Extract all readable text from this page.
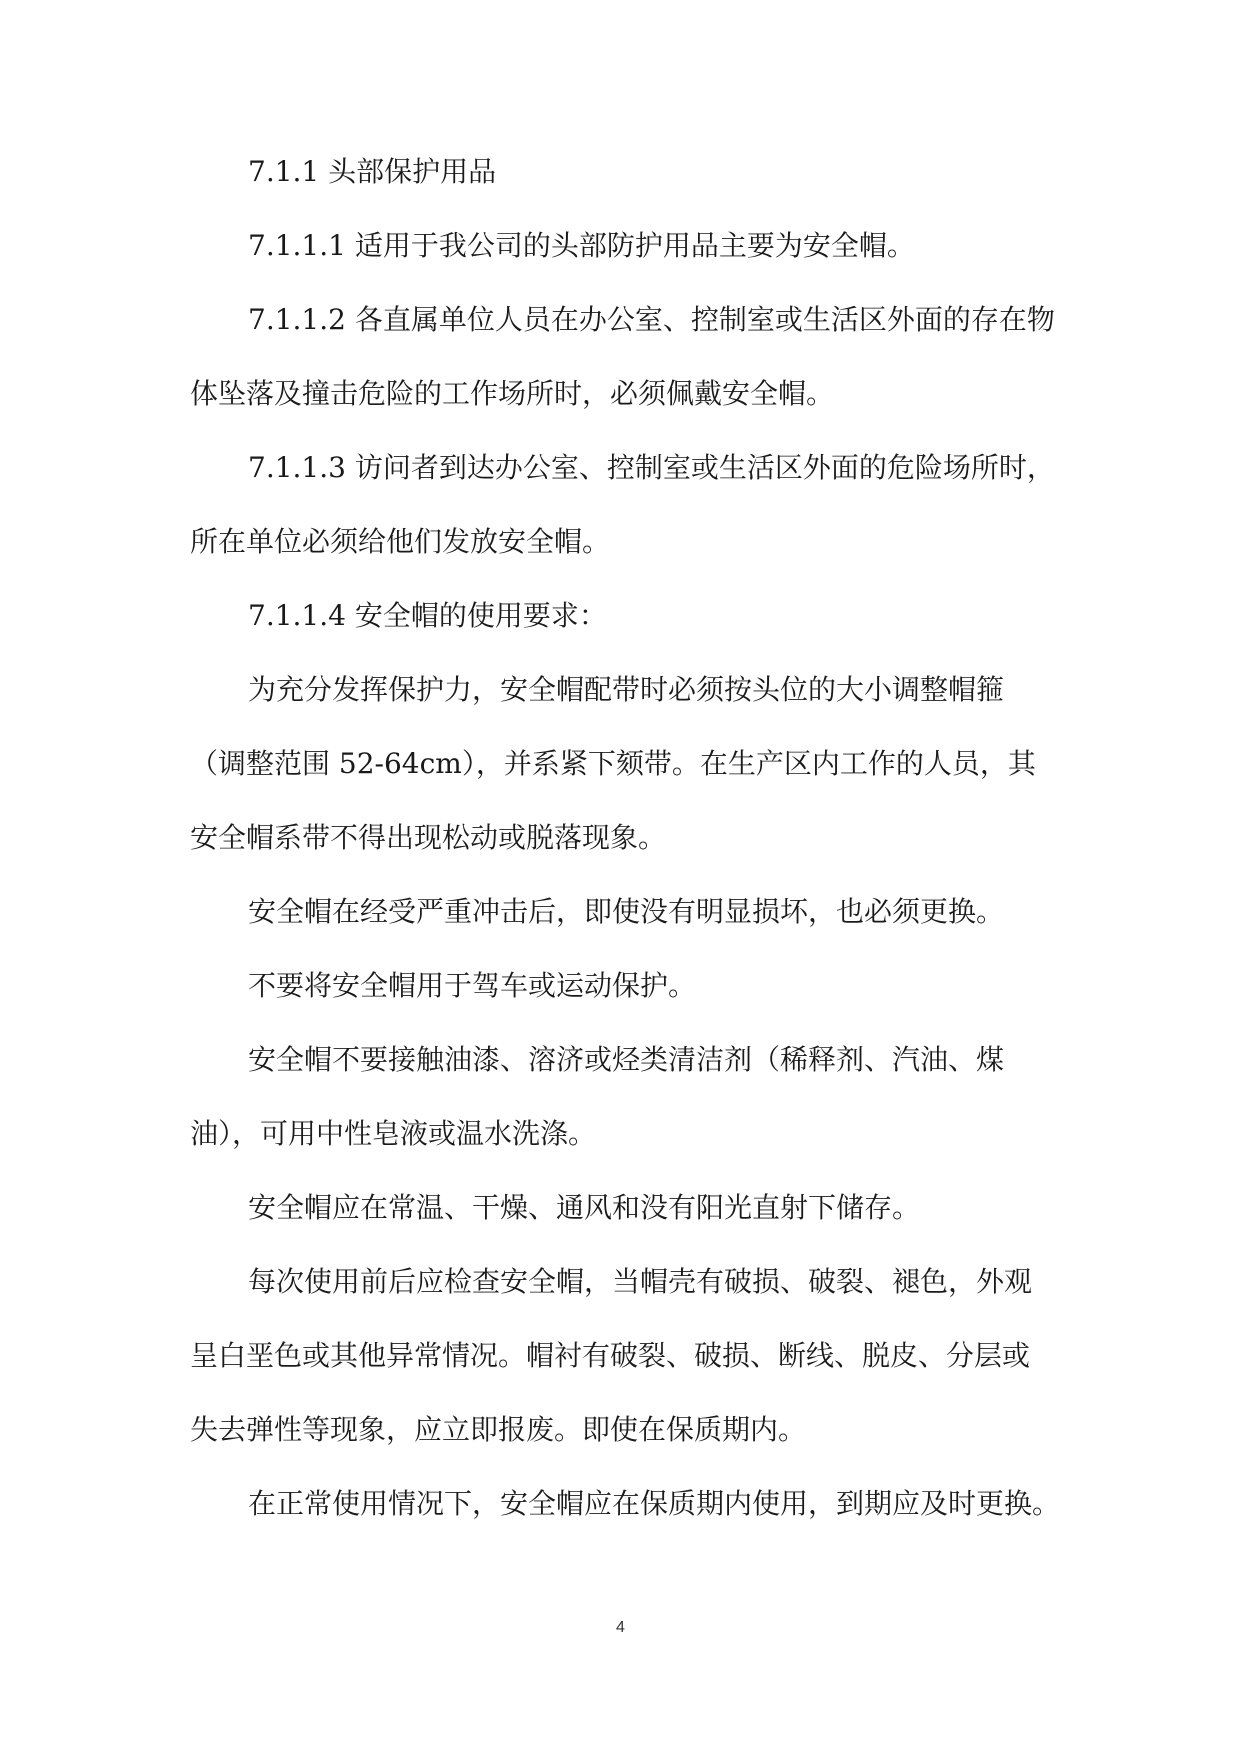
7.1.1 头部保护用品
7.1.1.1 适用于我公司的头部防护用品主要为安全帽。
7.1.1.2 各直属单位人员在办公室、控制室或生活区外面的存在物
体坠落及撞击危险的工作场所时，必须佩戴安全帽。
7.1.1.3 访问者到达办公室、控制室或生活区外面的危险场所时，
所在单位必须给他们发放安全帽。
7.1.1.4 安全帽的使用要求：
为充分发挥保护力，安全帽配带时必须按头位的大小调整帽箍
（调整范围 52-64cm），并系紧下颏带。在生产区内工作的人员，其
安全帽系带不得出现松动或脱落现象。
安全帽在经受严重冲击后，即使没有明显损坏，也必须更换。
不要将安全帽用于驾车或运动保护。
安全帽不要接触油漆、溶济或烃类清洁剂（稀释剂、汽油、煤
油），可用中性皂液或温水洗涤。
安全帽应在常温、干燥、通风和没有阳光直射下储存。
每次使用前后应检查安全帽，当帽壳有破损、破裂、褪色，外观
呈白垩色或其他异常情况。帽衬有破裂、破损、断线、脱皮、分层或
失去弹性等现象，应立即报废。即使在保质期内。
在正常使用情况下，安全帽应在保质期内使用，到期应及时更换。
4
